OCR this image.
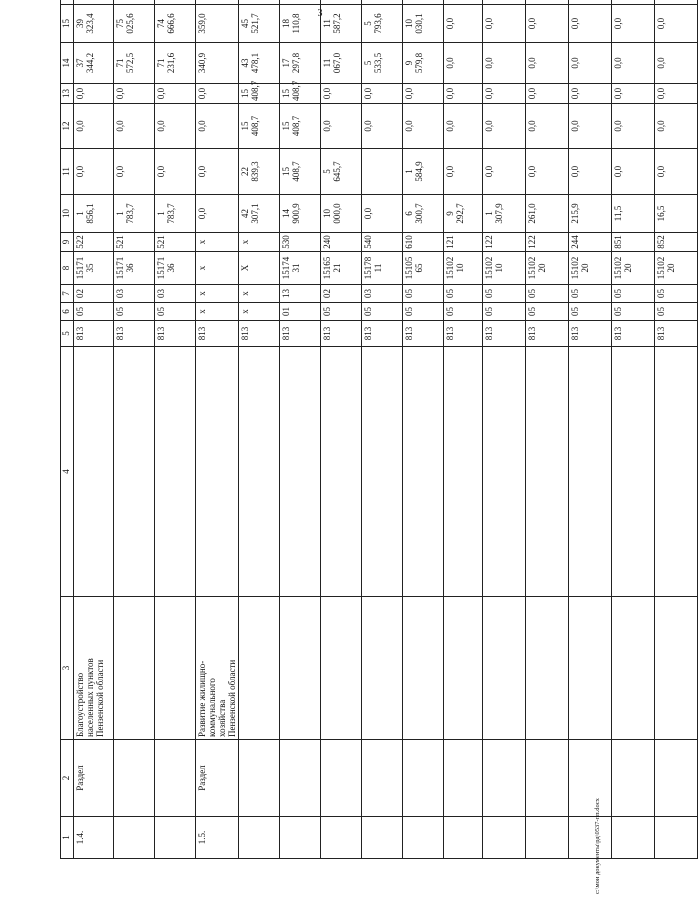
3
1	2	3	4	5	6	7	8	9	10	11	12	13	14	15	
1.4.	Раздел	Благоустройство населенных пунктов Пензенской области		813	05	02	15171 35	522	1 856,1	0,0	0,0	0,0	37 344,2	39 323,4

				813	05	03	15171 36	521	1 783,7	0,0	0,0	0,0	71 572,5	75 025,6

				813	05	03	15171 36	521	1 783,7	0,0	0,0	0,0	71 231,6	74 666,6

1.5.	Раздел	Развитие жилищно- коммунального хозяйства Пензенской области		813	х	х	х	х	0,0	0,0	0,0	0,0	340,9	359,0

				813	х	х	Х	х	42 307,1	22 839,3	15 408,7	15 408,7	43 478,1	45 521,7

				813	01	13	15174 31	530	14 900,9	15 408,7	15 408,7	15 408,7	17 297,8	18 110,8

				813	05	02	15165 21	240	10 000,0	5 645,7	0,0	0,0	11 067,0	11 587,2

				813	05	03	15178 11	540	0,0		0,0	0,0	5 533,5	5 793,6

				813	05	05	15105 65	610	6 300,7	1 584,9	0,0	0,0	9 579,8	10 030,1

				813	05	05	15102 10	121	9 292,7	0,0	0,0	0,0	0,0	0,0

				813	05	05	15102 10	122	1 307,9	0,0	0,0	0,0	0,0	0,0

				813	05	05	15102 20	122	261,0	0,0	0,0	0,0	0,0	0,0

				813	05	05	15102 20	244	215,9	0,0	0,0	0,0	0,0	0,0

				813	05	05	15102 20	851	11,5	0,0	0,0	0,0	0,0	0,0

				813	05	05	15102 20	852	16,5	0,0	0,0	0,0	0,0	0,0

c:\мои документы\рд\0537-пп.docx
